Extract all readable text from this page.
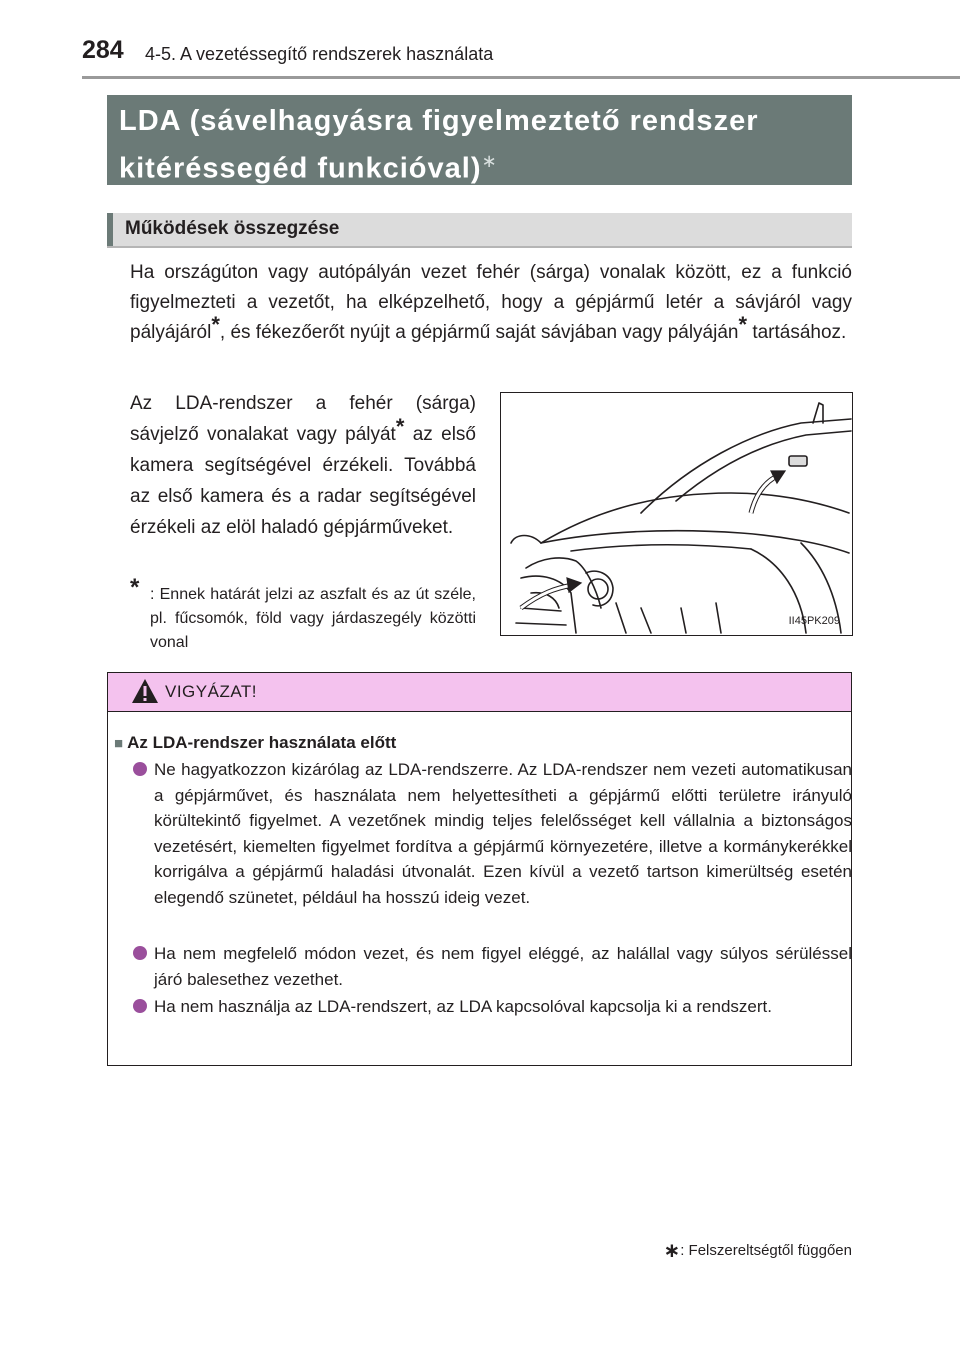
284 4-5. A vezetéssegítő rendszerek használata
LDA (sávelhagyásra figyelmeztető rendszer
kitéréssegéd funkcióval)∗
Működések összegzése
Ha országúton vagy autópályán vezet fehér (sárga) vonalak között, ez a funkció figyelmezteti a vezetőt, ha elképzelhető, hogy a gépjármű letér a sávjáról vagy pályájáról*, és fékezőerőt nyújt a gépjármű saját sávjában vagy pályáján* tartásához.
Az LDA-rendszer a fehér (sárga) sávjelző vonalakat vagy pályát* az első kamera segítségével érzékeli. Továbbá az első kamera és a radar segítségével érzékeli az elöl haladó gépjárműveket.
* : Ennek határát jelzi az aszfalt és az út széle, pl. fűcsomók, föld vagy járdaszegély közötti vonal
II45PK209
VIGYÁZAT!
■ Az LDA-rendszer használata előtt
Ne hagyatkozzon kizárólag az LDA-rendszerre. Az LDA-rendszer nem vezeti automatikusan a gépjárművet, és használata nem helyettesítheti a gépjármű előtti területre irányuló körültekintő figyelmet. A vezetőnek mindig teljes felelősséget kell vállalnia a biztonságos vezetésért, kiemelten figyelmet fordítva a gépjármű környezetére, illetve a kormánykerékkel korrigálva a gépjármű haladási útvonalát. Ezen kívül a vezető tartson kimerültség esetén elegendő szünetet, például ha hosszú ideig vezet.
Ha nem megfelelő módon vezet, és nem figyel eléggé, az halállal vagy súlyos sérüléssel járó balesethez vezethet.
Ha nem használja az LDA-rendszert, az LDA kapcsolóval kapcsolja ki a rendszert.
∗: Felszereltségtől függően
